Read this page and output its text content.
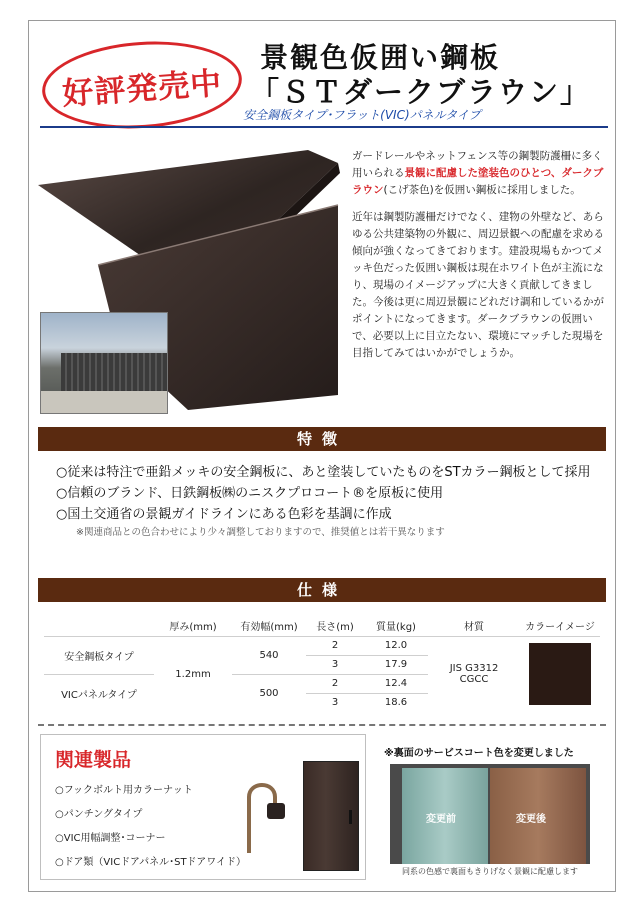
好評発売中
景観色仮囲い鋼板
「ＳＴダークブラウン」
安全鋼板タイプ･フラット(VIC)パネルタイプ

ガードレールやネットフェンス等の鋼製防護柵に多く用いられる景観に配慮した塗装色のひとつ、ダークブラウン(こげ茶色)を仮囲い鋼板に採用しました。

近年は鋼製防護柵だけでなく、建物の外壁など、あらゆる公共建築物の外観に、周辺景観への配慮を求める傾向が強くなってきております。建設現場もかつてメッキ色だった仮囲い鋼板は現在ホワイト色が主流になり、現場のイメージアップに大きく貢献してきました。今後は更に周辺景観にどれだけ調和しているかがポイントになってきます。ダークブラウンの仮囲いで、必要以上に目立たない、環境にマッチした現場を目指してみてはいかがでしょうか。

特徴
○従来は特注で亜鉛メッキの安全鋼板に、あと塗装していたものをSTカラー鋼板として採用
○信頼のブランド、日鉄鋼板㈱のニスクプロコート®を原板に使用
○国土交通省の景観ガイドラインにある色彩を基調に作成
※関連商品との色合わせにより少々調整しておりますので、推奨値とは若干異なります
仕様
	厚み(mm)	有効幅(mm)	長さ(m)	質量(kg)	材質	カラーイメージ
安全鋼板タイプ	1.2mm	540	2	12.0	JIS G3312
CGCC	

			3	17.9		
VICパネルタイプ		500	2	12.4		
			3	18.6		
関連製品
○フックボルト用カラーナット
○パンチングタイプ
○VIC用幅調整･コーナー
○ドア類（VICドアパネル･STドアワイド）
※裏面のサービスコート色を変更しました
変更前	変更後
同系の色感で裏面もきりげなく景観に配慮します
